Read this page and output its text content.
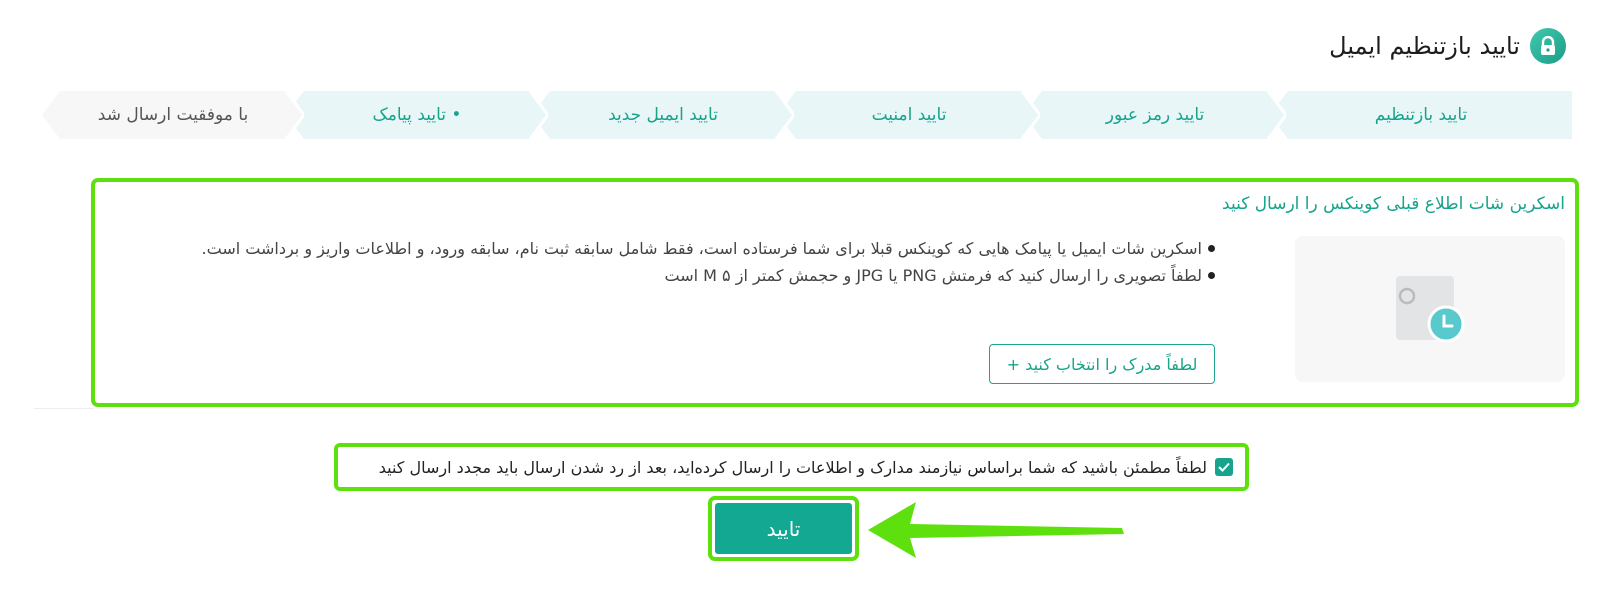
تایید بازتنظیم ایمیل
تایید بازتنظیم
تایید رمز عبور
تایید امنیت
تایید ایمیل جدید
• تایید پیامک
با موفقیت ارسال شد
اسکرین شات اطلاع قبلی کوینکس را ارسال کنید
اسکرین شات ایمیل یا پیامک هایی که کوینکس قبلا برای شما فرستاده است، فقط شامل سابقه ثبت نام، سابقه ورود، و اطلاعات واریز و برداشت است.
لطفاً تصویری را ارسال کنید که فرمتش PNG یا JPG و حجمش کمتر از ۵ M است
لطفاً مدرک را انتخاب کنید +
لطفاً مطمئن باشید که شما براساس نیازمند مدارک و اطلاعات را ارسال کرده‌اید، بعد از رد شدن ارسال باید مجدد ارسال کنید
تایید
